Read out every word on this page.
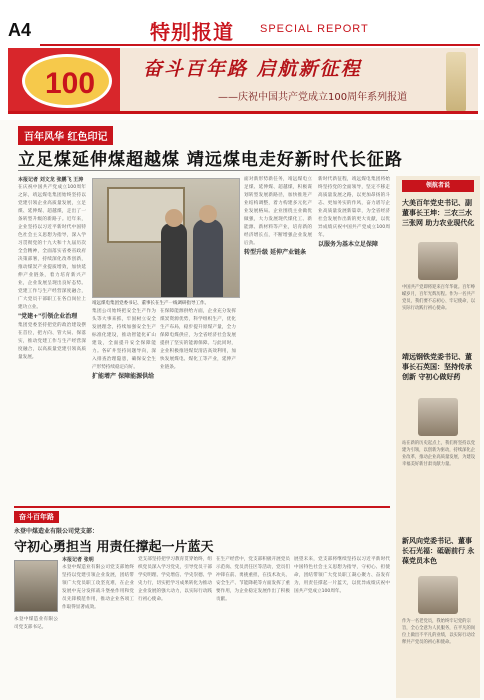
A4	特别报道 SPECIAL REPORT
100	奋斗百年路 启航新征程
——庆祝中国共产党成立100周年系列报道
百年风华 红色印记
立足煤延伸煤超越煤 靖远煤电走好新时代长征路
本报记者 刘文龙 张鹏飞 王涛

在庆祝中国共产党成立100周年之际，靖远煤电集团始终坚持以党建引领企业高质量发展，立足煤、延伸煤、超越煤，走出了一条转型升级的新路子。近年来，企业坚持以习近平新时代中国特色社会主义思想为指导，深入学习贯彻党的十九大和十九届历次全会精神，全面落实省委省政府决策部署，持续深化改革创新，推动煤炭产业提质增效，加快延伸产业链条，着力培育新兴产业，企业发展呈现出良好态势。党建工作与生产经营深度融合，广大党员干部职工在各自岗位上建功立业。

"党建+"引领企业治理

集团党委坚持把党的政治建设摆在首位，把方向、管大局、保落实，推动党建工作与生产经营深度融合，以高质量党建引领高质量发展。

靖远煤电集团党委书记、董事长在生产一线调研指导工作。

集团公司始终把安全生产作为头等大事来抓，牢固树立安全发展理念，持续加强安全生产标准化建设，推动智能化矿山建设，全面提升安全保障能力。各矿井坚持问题导向，深入排查治理隐患，确保安全生产形势持续稳定向好。

扩能增产 保障能源供给

在保障能源供给方面，企业充分发挥煤炭资源优势，科学组织生产，优化生产布局，稳步提升原煤产量，全力保障电煤供应，为全省经济社会发展提供了坚实的能源保障。与此同时，企业积极推进煤炭清洁高效利用，加快发展煤电、煤化工等产业，延伸产业链条。

面对新形势新任务，靖远煤电立足煤、延伸煤、超越煤，积极谋划转型发展新路径，加快推进产业结构调整，着力构建多元化产业发展格局。企业围绕主业做优做强，大力发展现代煤化工、新能源、新材料等产业，培育新的经济增长点，不断增强企业发展后劲。

转型升级 延伸产业链条

新时代新征程，靖远煤电集团将始终坚持党的全面领导，坚定不移走高质量发展之路，以更加昂扬的斗志、更加务实的作风，奋力谱写企业高质量发展新篇章，为全省经济社会发展作出新的更大贡献，以优异成绩庆祝中国共产党成立100周年。

以服务为基本立足保障
领航者说
大美百年党史书记、副董事长王坤：三农三水三张网 助力农业现代化
中国共产党即将迎来百年华诞。百年峥嵘岁月，百年光辉历程。作为一名共产党员，我们要不忘初心、牢记使命，以实际行动践行初心使命。
靖远钢铁党委书记、董事长石英国：坚持传承创新 守初心做好药
站在新的历史起点上，我们将坚持以党建为引领，以创新为驱动，持续深化企业改革，推动企业高质量发展，为建设幸福美好新甘肃贡献力量。
新风向党委书记、董事长石光福：砥砺前行 永葆党员本色
作为一名老党员，我始终牢记党的宗旨，全心全意为人民服务，在平凡的岗位上做出不平凡的业绩，以实际行动诠释共产党员的初心和使命。
奋斗百年路
永登中煤造业有限公司党支部：
守初心勇担当 用责任撑起一片蓝天

永登中煤造业有限公司党支部书记。

本报记者 张明

永登中煤造业有限公司党支部始终坚持以党建引领企业发展，团结带领广大党员职工攻坚克难，在企业发展中充分发挥战斗堡垒作用和党员先锋模范作用，推动企业各项工作取得显著成效。

党支部坚持把学习教育贯穿始终，组织党员深入学习党史，引导党员干部学史明理、学史增信、学史崇德、学史力行，切实把学习成果转化为推动企业发展的强大动力，以实际行动践行初心使命。

在生产经营中，党支部积极开展党员示范岗、党员责任区等活动，党员们冲锋在前、勇挑重担，在技术攻关、安全生产、节能降耗等方面发挥了重要作用，为企业稳定发展作出了积极贡献。

展望未来，党支部将继续坚持以习近平新时代中国特色社会主义思想为指导，守初心、担使命，团结带领广大党员职工凝心聚力、奋发有为，用责任撑起一片蓝天，以优异成绩庆祝中国共产党成立100周年。
